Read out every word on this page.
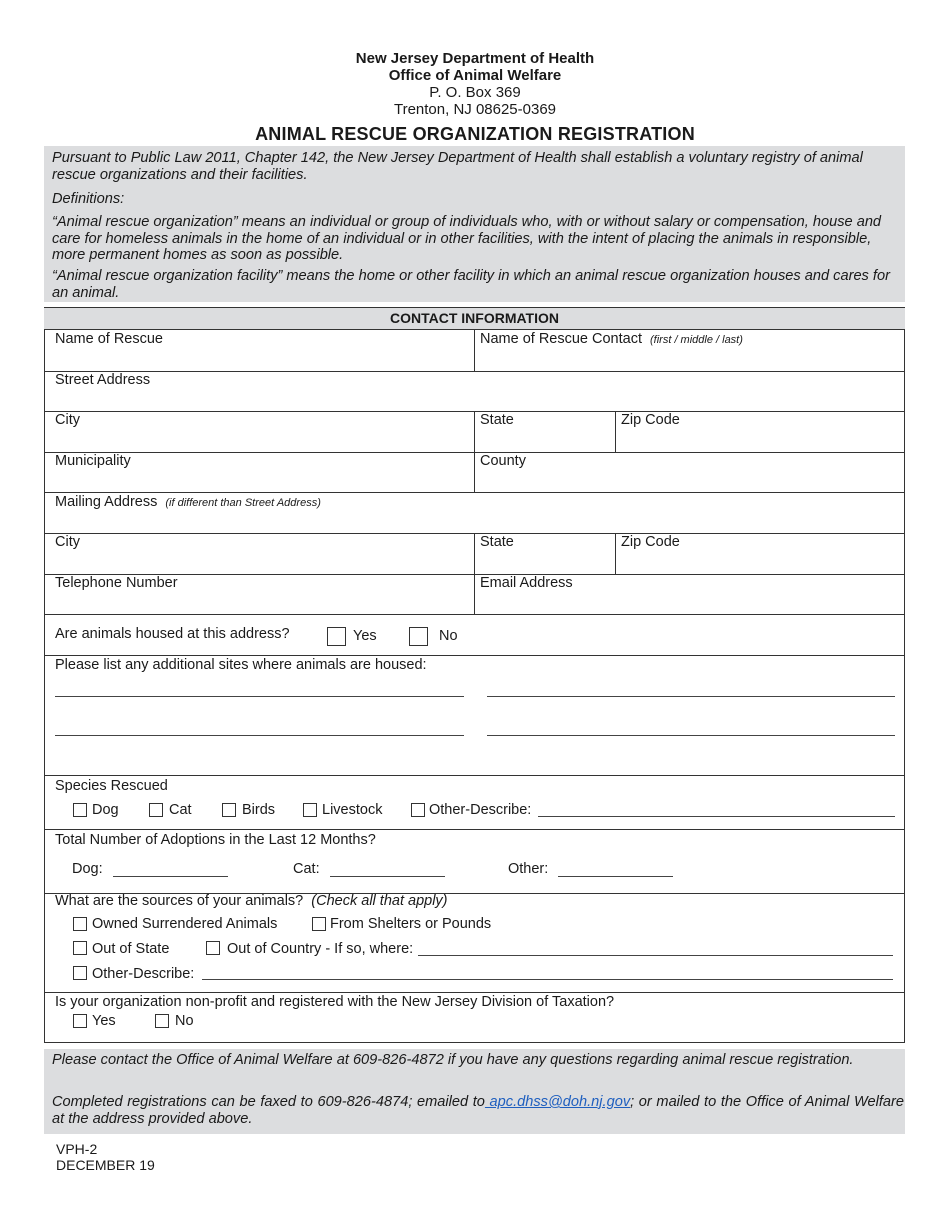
New Jersey Department of Health
Office of Animal Welfare
P. O. Box 369
Trenton, NJ 08625-0369
ANIMAL RESCUE ORGANIZATION REGISTRATION
Pursuant to Public Law 2011, Chapter 142, the New Jersey Department of Health shall establish a voluntary registry of animal rescue organizations and their facilities.
Definitions:
“Animal rescue organization” means an individual or group of individuals who, with or without salary or compensation, house and care for homeless animals in the home of an individual or in other facilities, with the intent of placing the animals in responsible, more permanent homes as soon as possible.
“Animal rescue organization facility” means the home or other facility in which an animal rescue organization houses and cares for an animal.
CONTACT INFORMATION
Name of Rescue	Name of Rescue Contact (first / middle / last)
Street Address
City	State	Zip Code
Municipality	County
Mailing Address (if different than Street Address)
City	State	Zip Code
Telephone Number	Email Address
Are animals housed at this address?	Yes	No
Please list any additional sites where animals are housed:
Species Rescued
Dog	Cat	Birds	Livestock	Other-Describe:
Total Number of Adoptions in the Last 12 Months?
Dog:	Cat:	Other:
What are the sources of your animals? (Check all that apply)
Owned Surrendered Animals	From Shelters or Pounds
Out of State	Out of Country - If so, where:
Other-Describe:
Is your organization non-profit and registered with the New Jersey Division of Taxation?
Yes	No
Please contact the Office of Animal Welfare at 609-826-4872 if you have any questions regarding animal rescue registration.
Completed registrations can be faxed to 609-826-4874; emailed to apc.dhss@doh.nj.gov; or mailed to the Office of Animal Welfare at the address provided above.
VPH-2
DECEMBER 19
